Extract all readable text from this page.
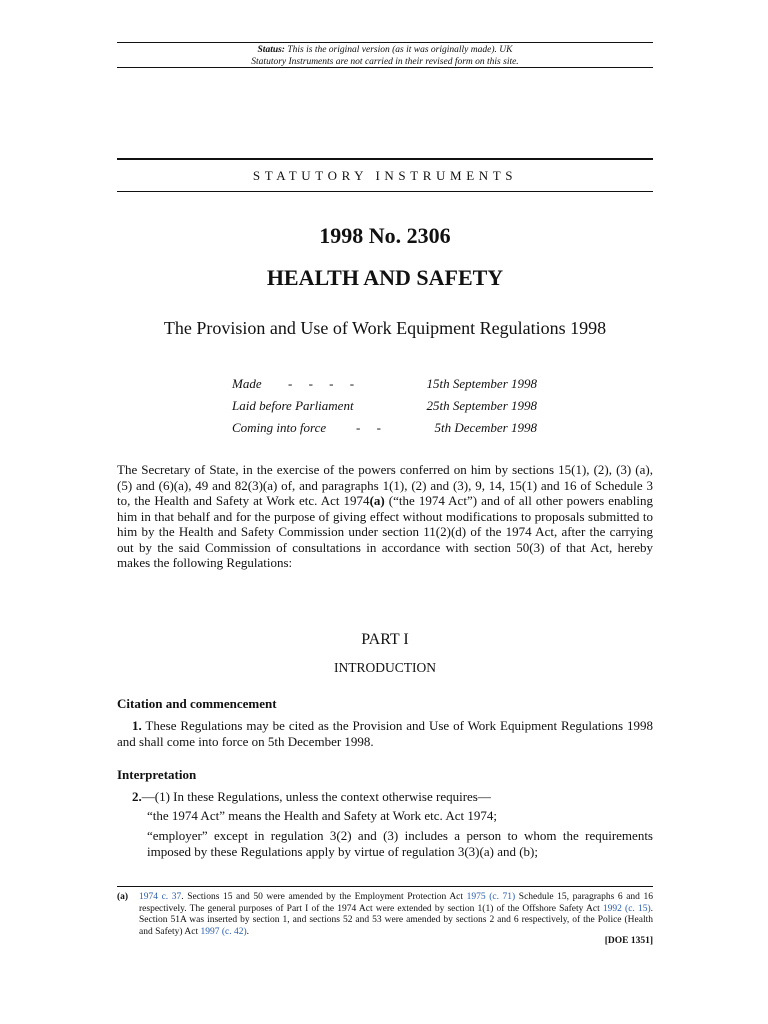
Status: This is the original version (as it was originally made). UK
Statutory Instruments are not carried in their revised form on this site.
STATUTORY INSTRUMENTS
1998 No. 2306
HEALTH AND SAFETY
The Provision and Use of Work Equipment Regulations 1998
Made -     -     -     -	15th September 1998
Laid before Parliament	25th September 1998
Coming into force -     -	5th December 1998
The Secretary of State, in the exercise of the powers conferred on him by sections 15(1), (2), (3) (a), (5) and (6)(a), 49 and 82(3)(a) of, and paragraphs 1(1), (2) and (3), 9, 14, 15(1) and 16 of Schedule 3 to, the Health and Safety at Work etc. Act 1974(a) (“the 1974 Act”) and of all other powers enabling him in that behalf and for the purpose of giving effect without modifications to proposals submitted to him by the Health and Safety Commission under section 11(2)(d) of the 1974 Act, after the carrying out by the said Commission of consultations in accordance with section 50(3) of that Act, hereby makes the following Regulations:
PART I
INTRODUCTION
Citation and commencement
1. These Regulations may be cited as the Provision and Use of Work Equipment Regulations 1998 and shall come into force on 5th December 1998.
Interpretation
2.—(1) In these Regulations, unless the context otherwise requires—
“the 1974 Act” means the Health and Safety at Work etc. Act 1974;
“employer” except in regulation 3(2) and (3) includes a person to whom the requirements imposed by these Regulations apply by virtue of regulation 3(3)(a) and (b);
(a) 1974 c. 37. Sections 15 and 50 were amended by the Employment Protection Act 1975 (c. 71) Schedule 15, paragraphs 6 and 16 respectively. The general purposes of Part I of the 1974 Act were extended by section 1(1) of the Offshore Safety Act 1992 (c. 15). Section 51A was inserted by section 1, and sections 52 and 53 were amended by sections 2 and 6 respectively, of the Police (Health and Safety) Act 1997 (c. 42).
[DOE 1351]
